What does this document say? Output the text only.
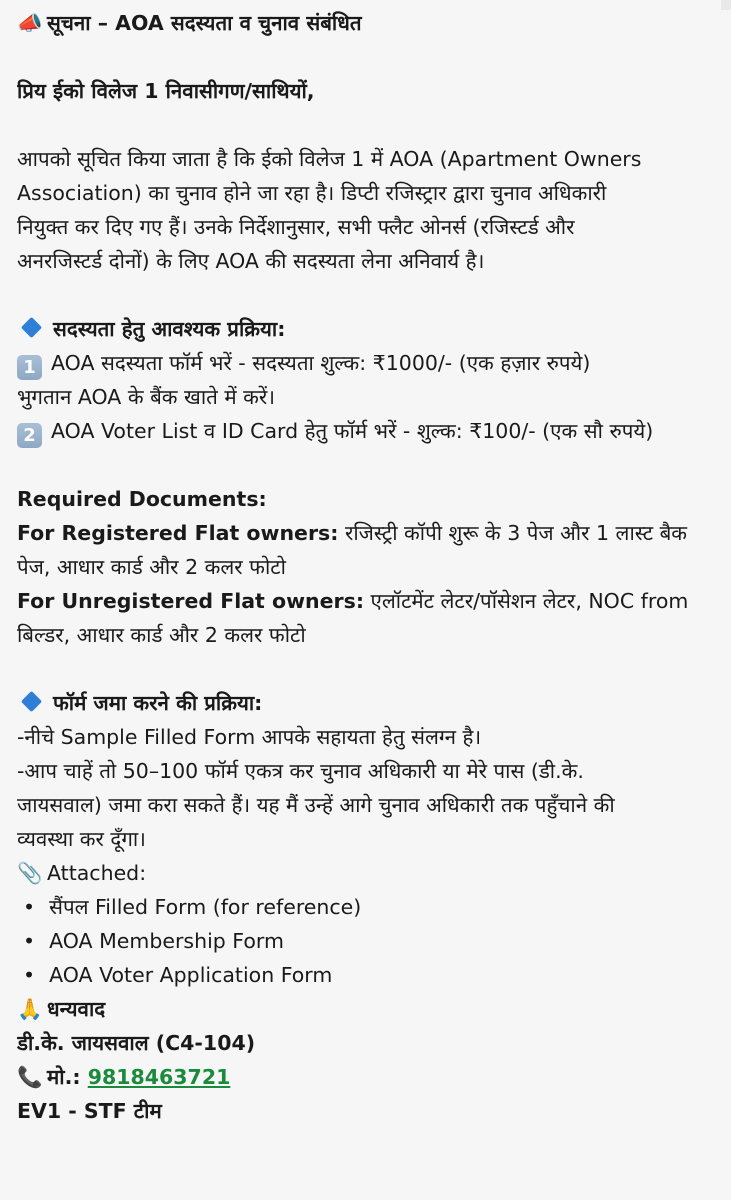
📣 सूचना – AOA सदस्यता व चुनाव संबंधित
प्रिय ईको विलेज 1 निवासीगण/साथियों,
आपको सूचित किया जाता है कि ईको विलेज 1 में AOA (Apartment Owners
Association) का चुनाव होने जा रहा है। डिप्टी रजिस्ट्रार द्वारा चुनाव अधिकारी
नियुक्त कर दिए गए हैं। उनके निर्देशानुसार, सभी फ्लैट ओनर्स (रजिस्टर्ड और
अनरजिस्टर्ड दोनों) के लिए AOA की सदस्यता लेना अनिवार्य है।
सदस्यता हेतु आवश्यक प्रक्रिया:
1 AOA सदस्यता फॉर्म भरें - सदस्यता शुल्क: ₹1000/- (एक हज़ार रुपये)
भुगतान AOA के बैंक खाते में करें।
2 AOA Voter List व ID Card हेतु फॉर्म भरें - शुल्क: ₹100/- (एक सौ रुपये)
Required Documents:
For Registered Flat owners: रजिस्ट्री कॉपी शुरू के 3 पेज और 1 लास्ट बैक
पेज, आधार कार्ड और 2 कलर फोटो
For Unregistered Flat owners: एलॉटमेंट लेटर/पॉसेशन लेटर, NOC from
बिल्डर, आधार कार्ड और 2 कलर फोटो
फॉर्म जमा करने की प्रक्रिया:
-नीचे Sample Filled Form आपके सहायता हेतु संलग्न है।
-आप चाहें तो 50–100 फॉर्म एकत्र कर चुनाव अधिकारी या मेरे पास (डी.के.
जायसवाल) जमा करा सकते हैं। यह मैं उन्हें आगे चुनाव अधिकारी तक पहुँचाने की
व्यवस्था कर दूँगा।
📎 Attached:
• सैंपल Filled Form (for reference)
• AOA Membership Form
• AOA Voter Application Form
🙏 धन्यवाद
डी.के. जायसवाल (C4-104)
📞 मो.: 9818463721
EV1 - STF टीम
